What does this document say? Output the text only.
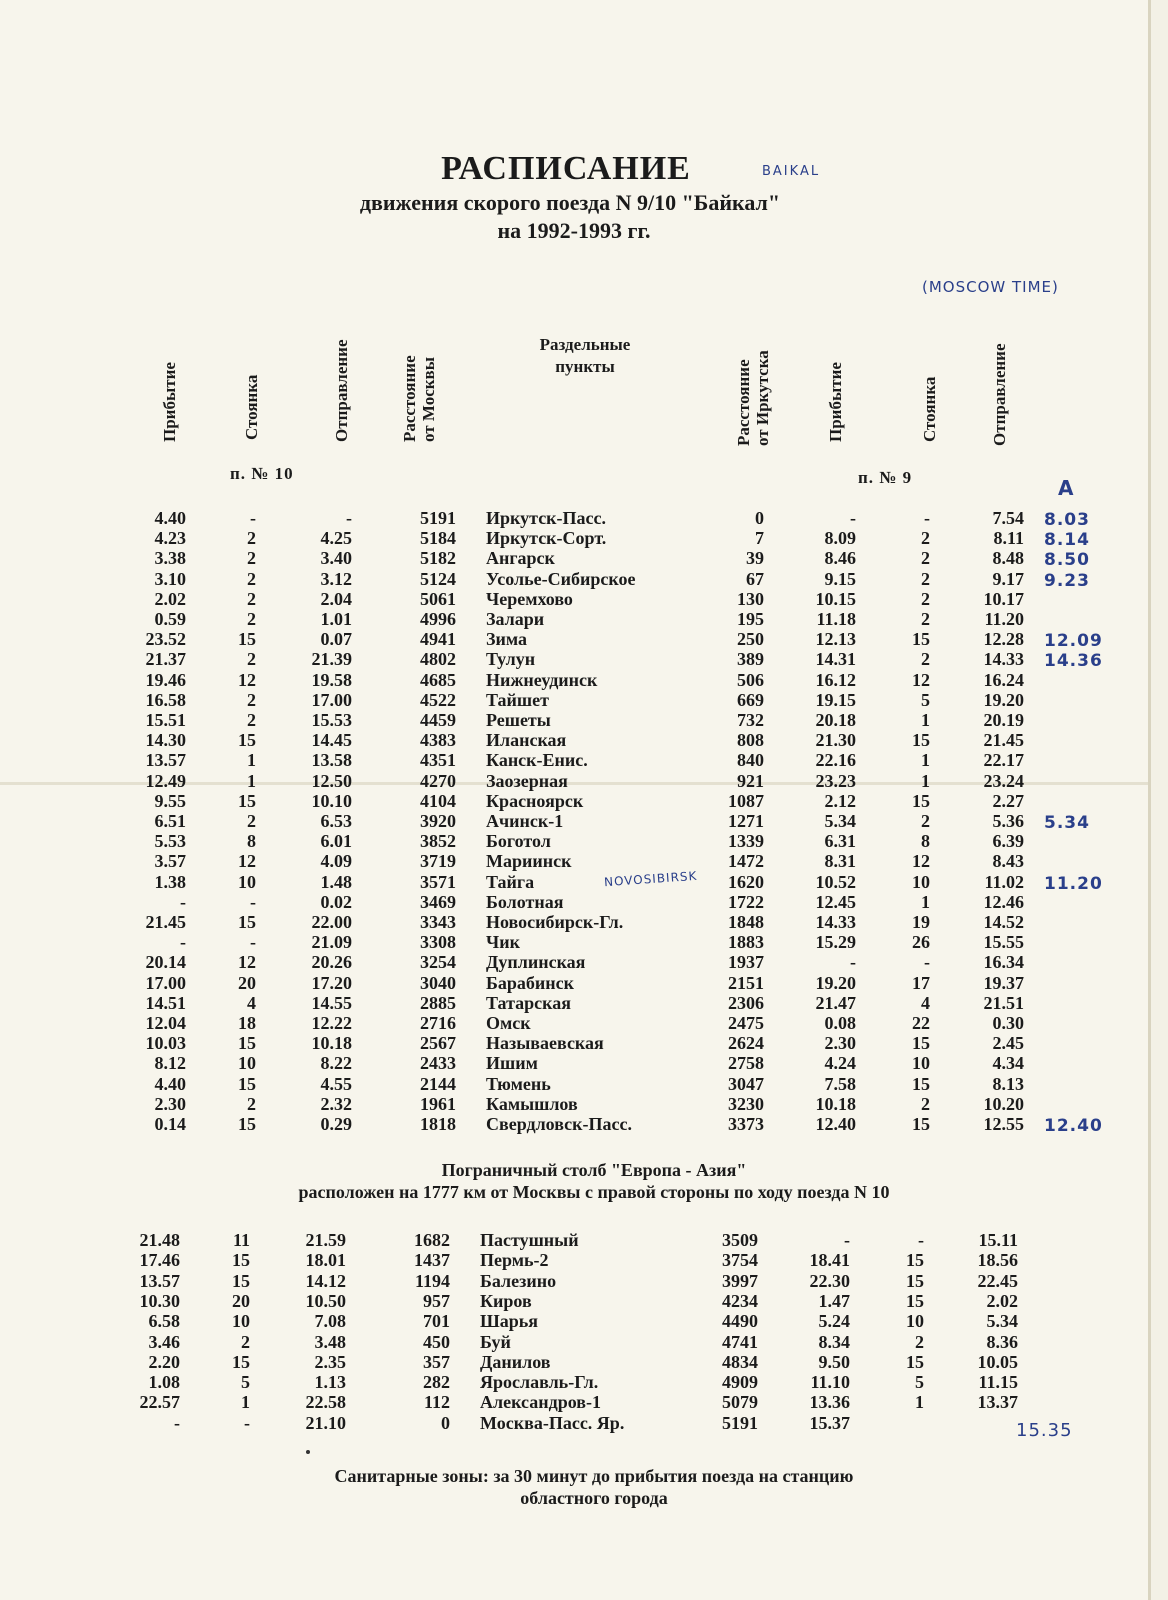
РАСПИСАНИЕ
движения скорого поезда N 9/10 "Байкал"
на 1992-1993 гг.
BAIKAL
(MOSCOW TIME)
A
NOVOSIBIRSK
15.35
Прибытие	Стоянка	Отправление	Расстояние от Москвы
Раздельные
пункты	Расстояние от Иркутска	Прибытие	Стоянка	Отправление
п. № 10	п. № 9
4.40	-	-	5191 Иркутск-Пасс.	0	-	-	7.54 8.03
4.23	2	4.25	5184 Иркутск-Сорт.	7	8.09	2	8.11 8.14
3.38	2	3.40	5182 Ангарск	39	8.46	2	8.48 8.50
3.10	2	3.12	5124 Усолье-Сибирское	67	9.15	2	9.17 9.23
2.02	2	2.04	5061 Черемхово	130	10.15	2	10.17
0.59	2	1.01	4996 Залари	195	11.18	2	11.20
23.52	15	0.07	4941 Зима	250	12.13	15	12.28 12.09
21.37	2	21.39	4802 Тулун	389	14.31	2	14.33 14.36
19.46	12	19.58	4685 Нижнеудинск	506	16.12	12	16.24
16.58	2	17.00	4522 Тайшет	669	19.15	5	19.20
15.51	2	15.53	4459 Решеты	732	20.18	1	20.19
14.30	15	14.45	4383 Иланская	808	21.30	15	21.45
13.57	1	13.58	4351 Канск-Енис.	840	22.16	1	22.17
12.49	1	12.50	4270 Заозерная	921	23.23	1	23.24
9.55	15	10.10	4104 Красноярск	1087	2.12	15	2.27
6.51	2	6.53	3920 Ачинск-1	1271	5.34	2	5.36 5.34
5.53	8	6.01	3852 Боготол	1339	6.31	8	6.39
3.57	12	4.09	3719 Мариинск	1472	8.31	12	8.43
1.38	10	1.48	3571 Тайга	1620	10.52	10	11.02 11.20
-	-	0.02	3469 Болотная	1722	12.45	1	12.46
21.45	15	22.00	3343 Новосибирск-Гл.	1848	14.33	19	14.52
-	-	21.09	3308 Чик	1883	15.29	26	15.55
20.14	12	20.26	3254 Дуплинская	1937	-	-	16.34
17.00	20	17.20	3040 Барабинск	2151	19.20	17	19.37
14.51	4	14.55	2885 Татарская	2306	21.47	4	21.51
12.04	18	12.22	2716 Омск	2475	0.08	22	0.30
10.03	15	10.18	2567 Называевская	2624	2.30	15	2.45
8.12	10	8.22	2433 Ишим	2758	4.24	10	4.34
4.40	15	4.55	2144 Тюмень	3047	7.58	15	8.13
2.30	2	2.32	1961 Камышлов	3230	10.18	2	10.20
0.14	15	0.29	1818 Свердловск-Пасс.	3373	12.40	15	12.55 12.40
Пограничный столб "Европа - Азия"
расположен на 1777 км от Москвы с правой стороны по ходу поезда N 10
21.48	11	21.59	1682 Пастушный	3509	-	-	15.11
17.46	15	18.01	1437 Пермь-2	3754	18.41	15	18.56
13.57	15	14.12	1194 Балезино	3997	22.30	15	22.45
10.30	20	10.50	957 Киров	4234	1.47	15	2.02
6.58	10	7.08	701 Шарья	4490	5.24	10	5.34
3.46	2	3.48	450 Буй	4741	8.34	2	8.36
2.20	15	2.35	357 Данилов	4834	9.50	15	10.05
1.08	5	1.13	282 Ярославль-Гл.	4909	11.10	5	11.15
22.57	1	22.58	112 Александров-1	5079	13.36	1	13.37
-	-	21.10	0 Москва-Пасс. Яр.	5191	15.37
Санитарные зоны: за 30 минут до прибытия поезда на станцию
областного города
